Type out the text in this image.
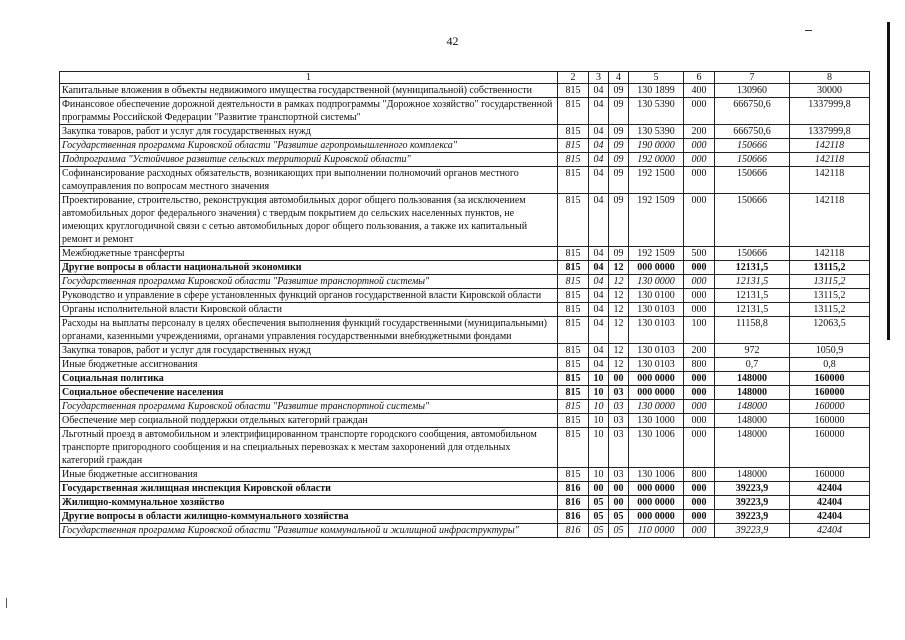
42
1	2	3	4	5	6	7	8
Капитальные вложения в объекты недвижимого имущества государственной (муниципальной) собственности	815	04	09	130 1899	400	130960	30000
Финансовое обеспечение дорожной деятельности в рамках подпрограммы "Дорожное хозяйство" государственной программы Российской Федерации "Развитие транспортной системы"	815	04	09	130 5390	000	666750,6	1337999,8
Закупка товаров, работ и услуг для государственных нужд	815	04	09	130 5390	200	666750,6	1337999,8
Государственная программа Кировской области "Развитие агропромышленного комплекса"	815	04	09	190 0000	000	150666	142118
Подпрограмма "Устойчивое развитие сельских территорий Кировской области"	815	04	09	192 0000	000	150666	142118
Софинансирование расходных обязательств, возникающих при выполнении полномочий органов местного самоуправления по вопросам местного значения	815	04	09	192 1500	000	150666	142118
Проектирование, строительство, реконструкция автомобильных дорог общего пользования (за исключением автомобильных дорог федерального значения) с твердым покрытием до сельских населенных пунктов, не имеющих круглогодичной связи с сетью автомобильных дорог общего пользования, а также их капитальный ремонт и ремонт	815	04	09	192 1509	000	150666	142118
Межбюджетные трансферты	815	04	09	192 1509	500	150666	142118
Другие вопросы в области национальной экономики	815	04	12	000 0000	000	12131,5	13115,2
Государственная программа Кировской области "Развитие транспортной системы"	815	04	12	130 0000	000	12131,5	13115,2
Руководство и управление в сфере установленных функций органов государственной власти Кировской области	815	04	12	130 0100	000	12131,5	13115,2
Органы исполнительной власти Кировской области	815	04	12	130 0103	000	12131,5	13115,2
Расходы на выплаты персоналу в целях обеспечения выполнения функций государственными (муниципальными) органами, казенными учреждениями, органами управления государственными внебюджетными фондами	815	04	12	130 0103	100	11158,8	12063,5
Закупка товаров, работ и услуг для государственных нужд	815	04	12	130 0103	200	972	1050,9
Иные бюджетные ассигнования	815	04	12	130 0103	800	0,7	0,8
Социальная политика	815	10	00	000 0000	000	148000	160000
Социальное обеспечение населения	815	10	03	000 0000	000	148000	160000
Государственная программа Кировской области "Развитие транспортной системы"	815	10	03	130 0000	000	148000	160000
Обеспечение мер социальной поддержки отдельных категорий граждан	815	10	03	130 1000	000	148000	160000
Льготный проезд в автомобильном и электрифицированном транспорте городского сообщения, автомобильном транспорте пригородного сообщения и на специальных перевозках к местам захоронений для отдельных категорий граждан	815	10	03	130 1006	000	148000	160000
Иные бюджетные ассигнования	815	10	03	130 1006	800	148000	160000
Государственная жилищная инспекция Кировской области	816	00	00	000 0000	000	39223,9	42404
Жилищно-коммунальное хозяйство	816	05	00	000 0000	000	39223,9	42404
Другие вопросы в области жилищно-коммунального хозяйства	816	05	05	000 0000	000	39223,9	42404
Государственная программа Кировской области "Развитие коммунальной и жилищной инфраструктуры"	816	05	05	110 0000	000	39223,9	42404
